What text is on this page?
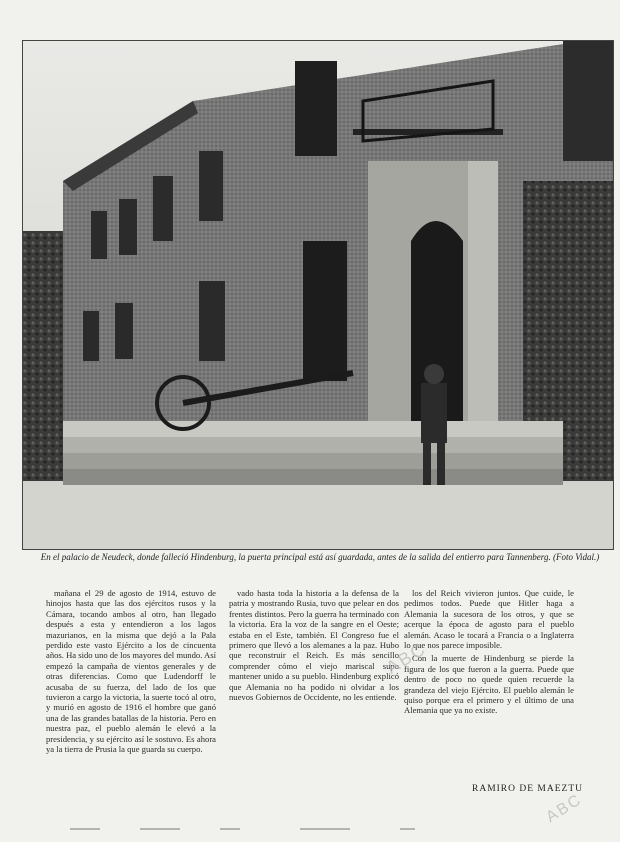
En el palacio de Neudeck, donde falleció Hindenburg, la puerta principal está así guardada, antes de la salida del entierro para Tannenberg. (Foto Vidal.)

mañana el 29 de agosto de 1914, estuvo de hinojos hasta que las dos ejércitos rusos y la Cámara, tocando ambos al otro, han llegado después a esta y entendieron a los lagos mazurianos, en la misma que dejó a la Pala perdido este vasto Ejército a los de cincuenta años. Ha sido uno de los mayores del mundo. Así empezó la campaña de vientos generales y de otras diferencias. Como que Ludendorff le acusaba de su fuerza, del lado de los que tuvieron a cargo la victoria, la suerte tocó al otro, y murió en agosto de 1916 el hombre que ganó una de las grandes batallas de la historia. Pero en nuestra paz, el pueblo alemán le elevó a la presidencia, y su ejército así le sostuvo. Es ahora ya la tierra de Prusia la que guarda su cuerpo.

vado hasta toda la historia a la defensa de la patria y mostrando Rusia, tuvo que pelear en dos frentes distintos. Pero la guerra ha terminado con la victoria. Era la voz de la sangre en el Oeste; estaba en el Este, también. El Congreso fue el primero que llevó a los alemanes a la paz. Hubo que reconstruir el Reich. Es más sencillo comprender cómo el viejo mariscal supo mantener unido a su pueblo. Hindenburg explicó que Alemania no ha podido ni olvidar a los nuevos Gobiernos de Occidente, no les entiende.

los del Reich vivieron juntos. Que cuide, le pedimos todos. Puede que Hitler haga a Alemania la sucesora de los otros, y que se acerque la época de agosto para el pueblo alemán. Acaso le tocará a Francia o a Inglaterra lo que nos parece imposible.

Con la muerte de Hindenburg se pierde la figura de los que fueron a la guerra. Puede que dentro de poco no quede quien recuerde la grandeza del viejo Ejército. El pueblo alemán le quiso porque era el primero y el último de una Alemania que ya no existe.

ABC
ABC
RAMIRO DE MAEZTU
